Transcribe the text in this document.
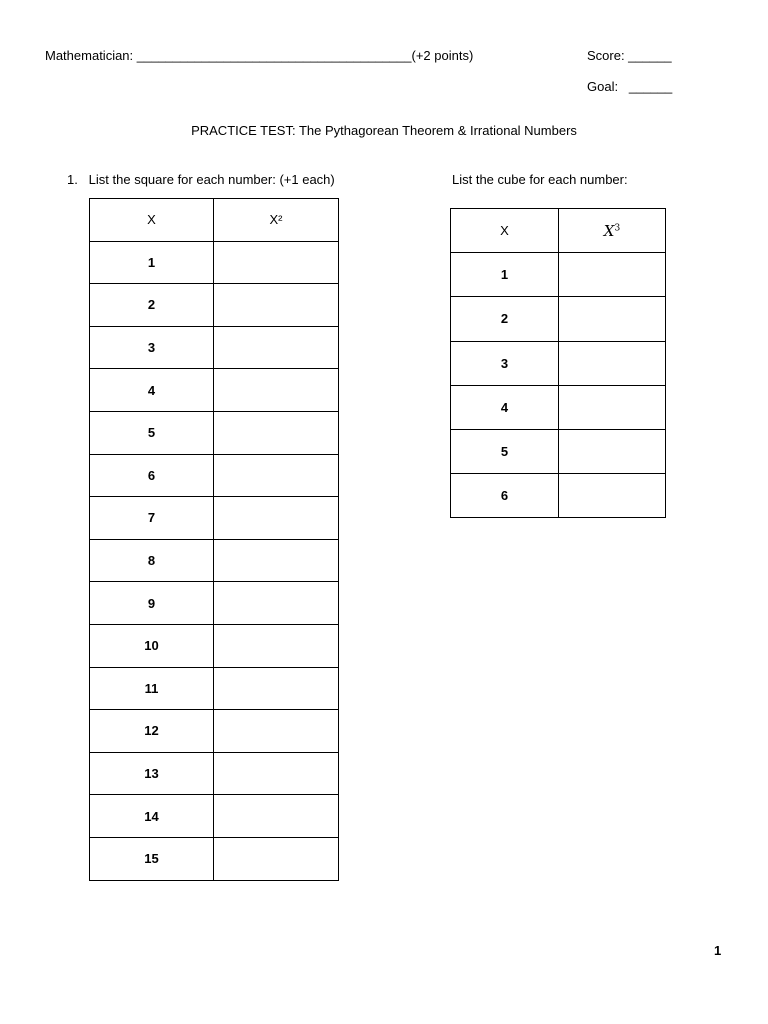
Mathematician: ______________________________________(+2 points)	Score: ______
Goal:   ______
PRACTICE TEST: The Pythagorean Theorem & Irrational Numbers
1.   List the square for each number: (+1 each)	List the cube for each number:
X	X²
1	
2	
3	
4	
5	
6	
7	
8	
9	
10	
11	
12	
13	
14	
15	
X	$X^3$
1	
2	
3	
4	
5	
6	
1
